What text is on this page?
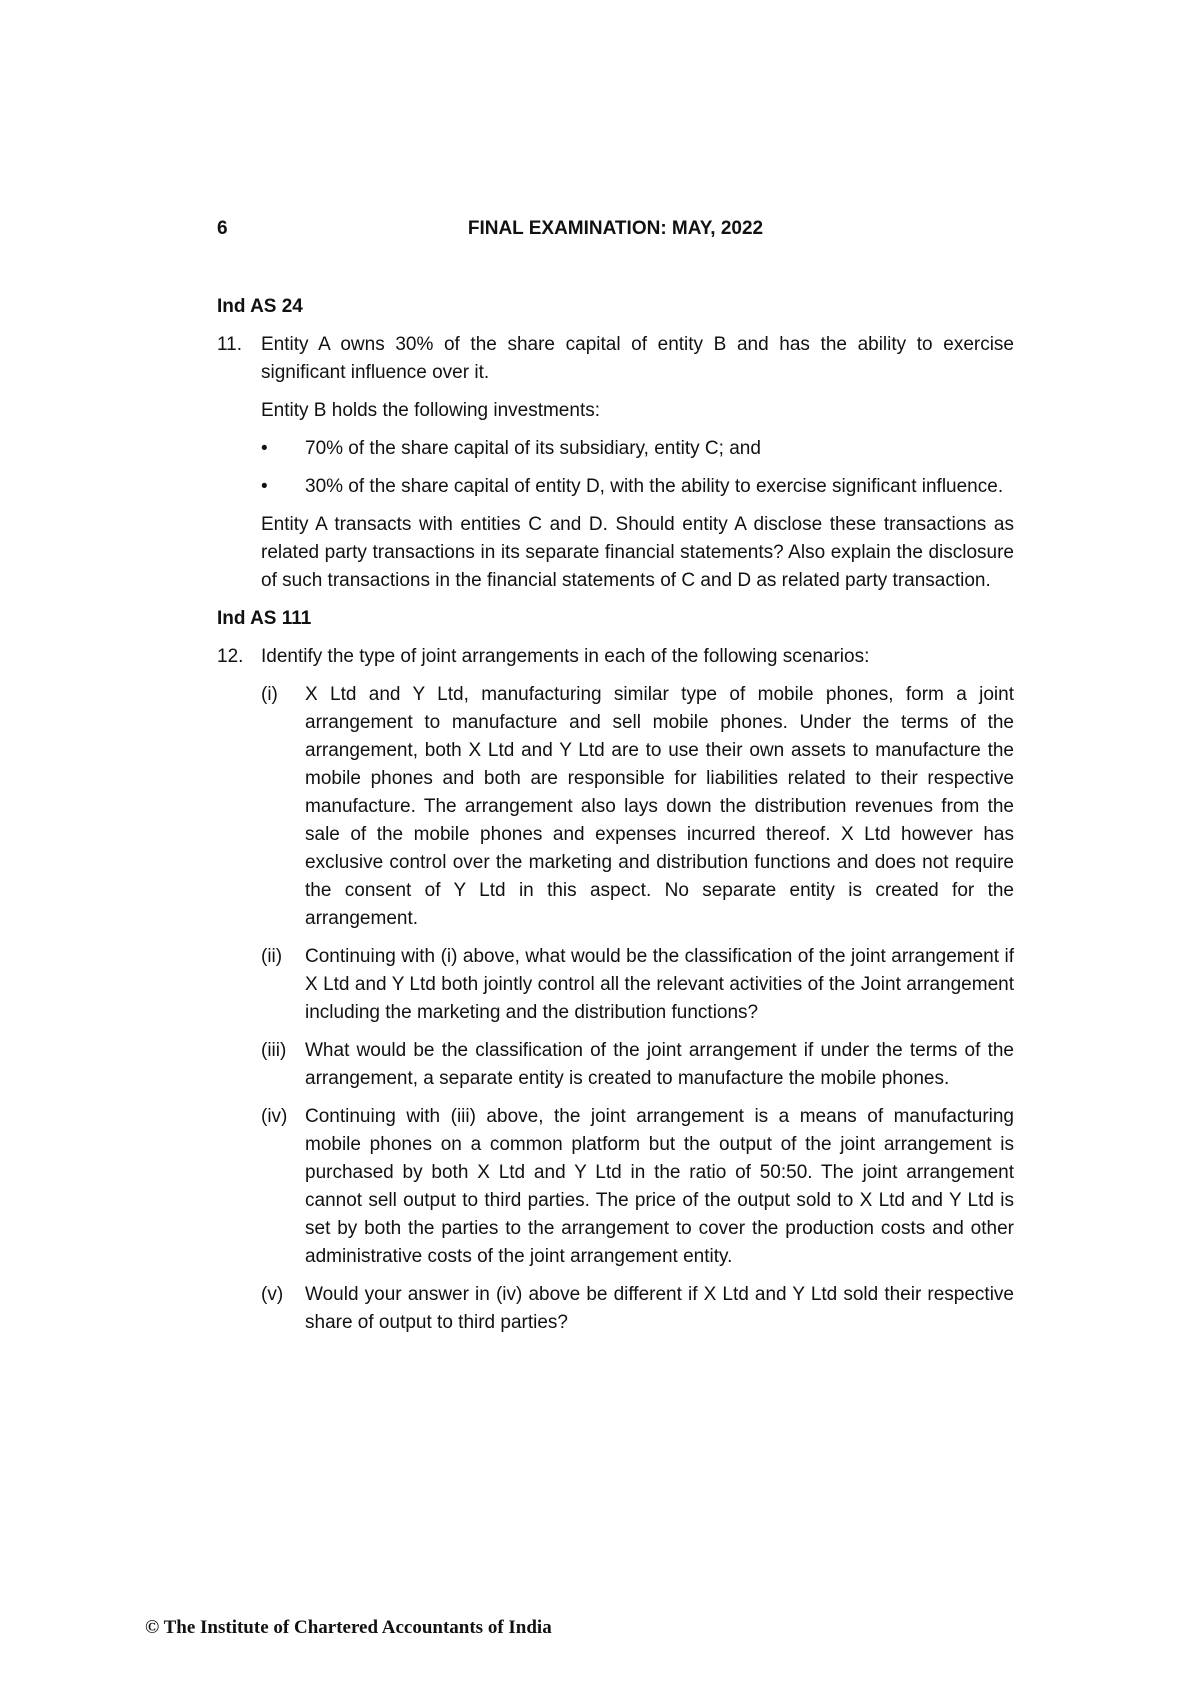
6	FINAL EXAMINATION: MAY, 2022
Ind AS 24
11. Entity A owns 30% of the share capital of entity B and has the ability to exercise significant influence over it.

Entity B holds the following investments:

• 70% of the share capital of its subsidiary, entity C; and
• 30% of the share capital of entity D, with the ability to exercise significant influence.

Entity A transacts with entities C and D. Should entity A disclose these transactions as related party transactions in its separate financial statements? Also explain the disclosure of such transactions in the financial statements of C and D as related party transaction.

Ind AS 111
12. Identify the type of joint arrangements in each of the following scenarios:

(i) X Ltd and Y Ltd, manufacturing similar type of mobile phones, form a joint arrangement to manufacture and sell mobile phones. Under the terms of the arrangement, both X Ltd and Y Ltd are to use their own assets to manufacture the mobile phones and both are responsible for liabilities related to their respective manufacture. The arrangement also lays down the distribution revenues from the sale of the mobile phones and expenses incurred thereof. X Ltd however has exclusive control over the marketing and distribution functions and does not require the consent of Y Ltd in this aspect. No separate entity is created for the arrangement.
(ii) Continuing with (i) above, what would be the classification of the joint arrangement if X Ltd and Y Ltd both jointly control all the relevant activities of the Joint arrangement including the marketing and the distribution functions?
(iii) What would be the classification of the joint arrangement if under the terms of the arrangement, a separate entity is created to manufacture the mobile phones.
(iv) Continuing with (iii) above, the joint arrangement is a means of manufacturing mobile phones on a common platform but the output of the joint arrangement is purchased by both X Ltd and Y Ltd in the ratio of 50:50. The joint arrangement cannot sell output to third parties. The price of the output sold to X Ltd and Y Ltd is set by both the parties to the arrangement to cover the production costs and other administrative costs of the joint arrangement entity.
(v) Would your answer in (iv) above be different if X Ltd and Y Ltd sold their respective share of output to third parties?
© The Institute of Chartered Accountants of India
